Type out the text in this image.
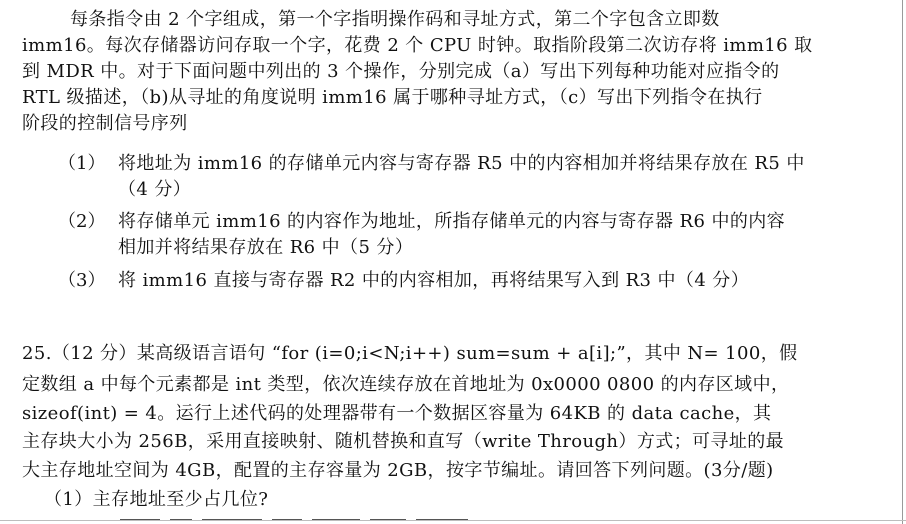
每条指令由 2 个字组成，第一个字指明操作码和寻址方式，第二个字包含立即数
imm16。每次存储器访问存取一个字，花费 2 个 CPU 时钟。取指阶段第二次访存将 imm16 取
到 MDR 中。对于下面问题中列出的 3 个操作，分别完成（a）写出下列每种功能对应指令的
RTL 级描述，（b)从寻址的角度说明 imm16 属于哪种寻址方式，（c）写出下列指令在执行
阶段的控制信号序列
（1） 将地址为 imm16 的存储单元内容与寄存器 R5 中的内容相加并将结果存放在 R5 中
（4 分）
（2） 将存储单元 imm16 的内容作为地址，所指存储单元的内容与寄存器 R6 中的内容
相加并将结果存放在 R6 中（5 分）
（3） 将 imm16 直接与寄存器 R2 中的内容相加，再将结果写入到 R3 中（4 分）
25.（12 分）某高级语言语句 “for (i=0;i<N;i++) sum=sum + a[i];”，其中 N= 100，假
定数组 a 中每个元素都是 int 类型，依次连续存放在首地址为 0x0000 0800 的内存区域中，
sizeof(int) = 4。运行上述代码的处理器带有一个数据区容量为 64KB 的 data cache，其
主存块大小为 256B，采用直接映射、随机替换和直写（write Through）方式；可寻址的最
大主存地址空间为 4GB，配置的主存容量为 2GB，按字节编址。请回答下列问题。(3分/题)
（1）主存地址至少占几位?
